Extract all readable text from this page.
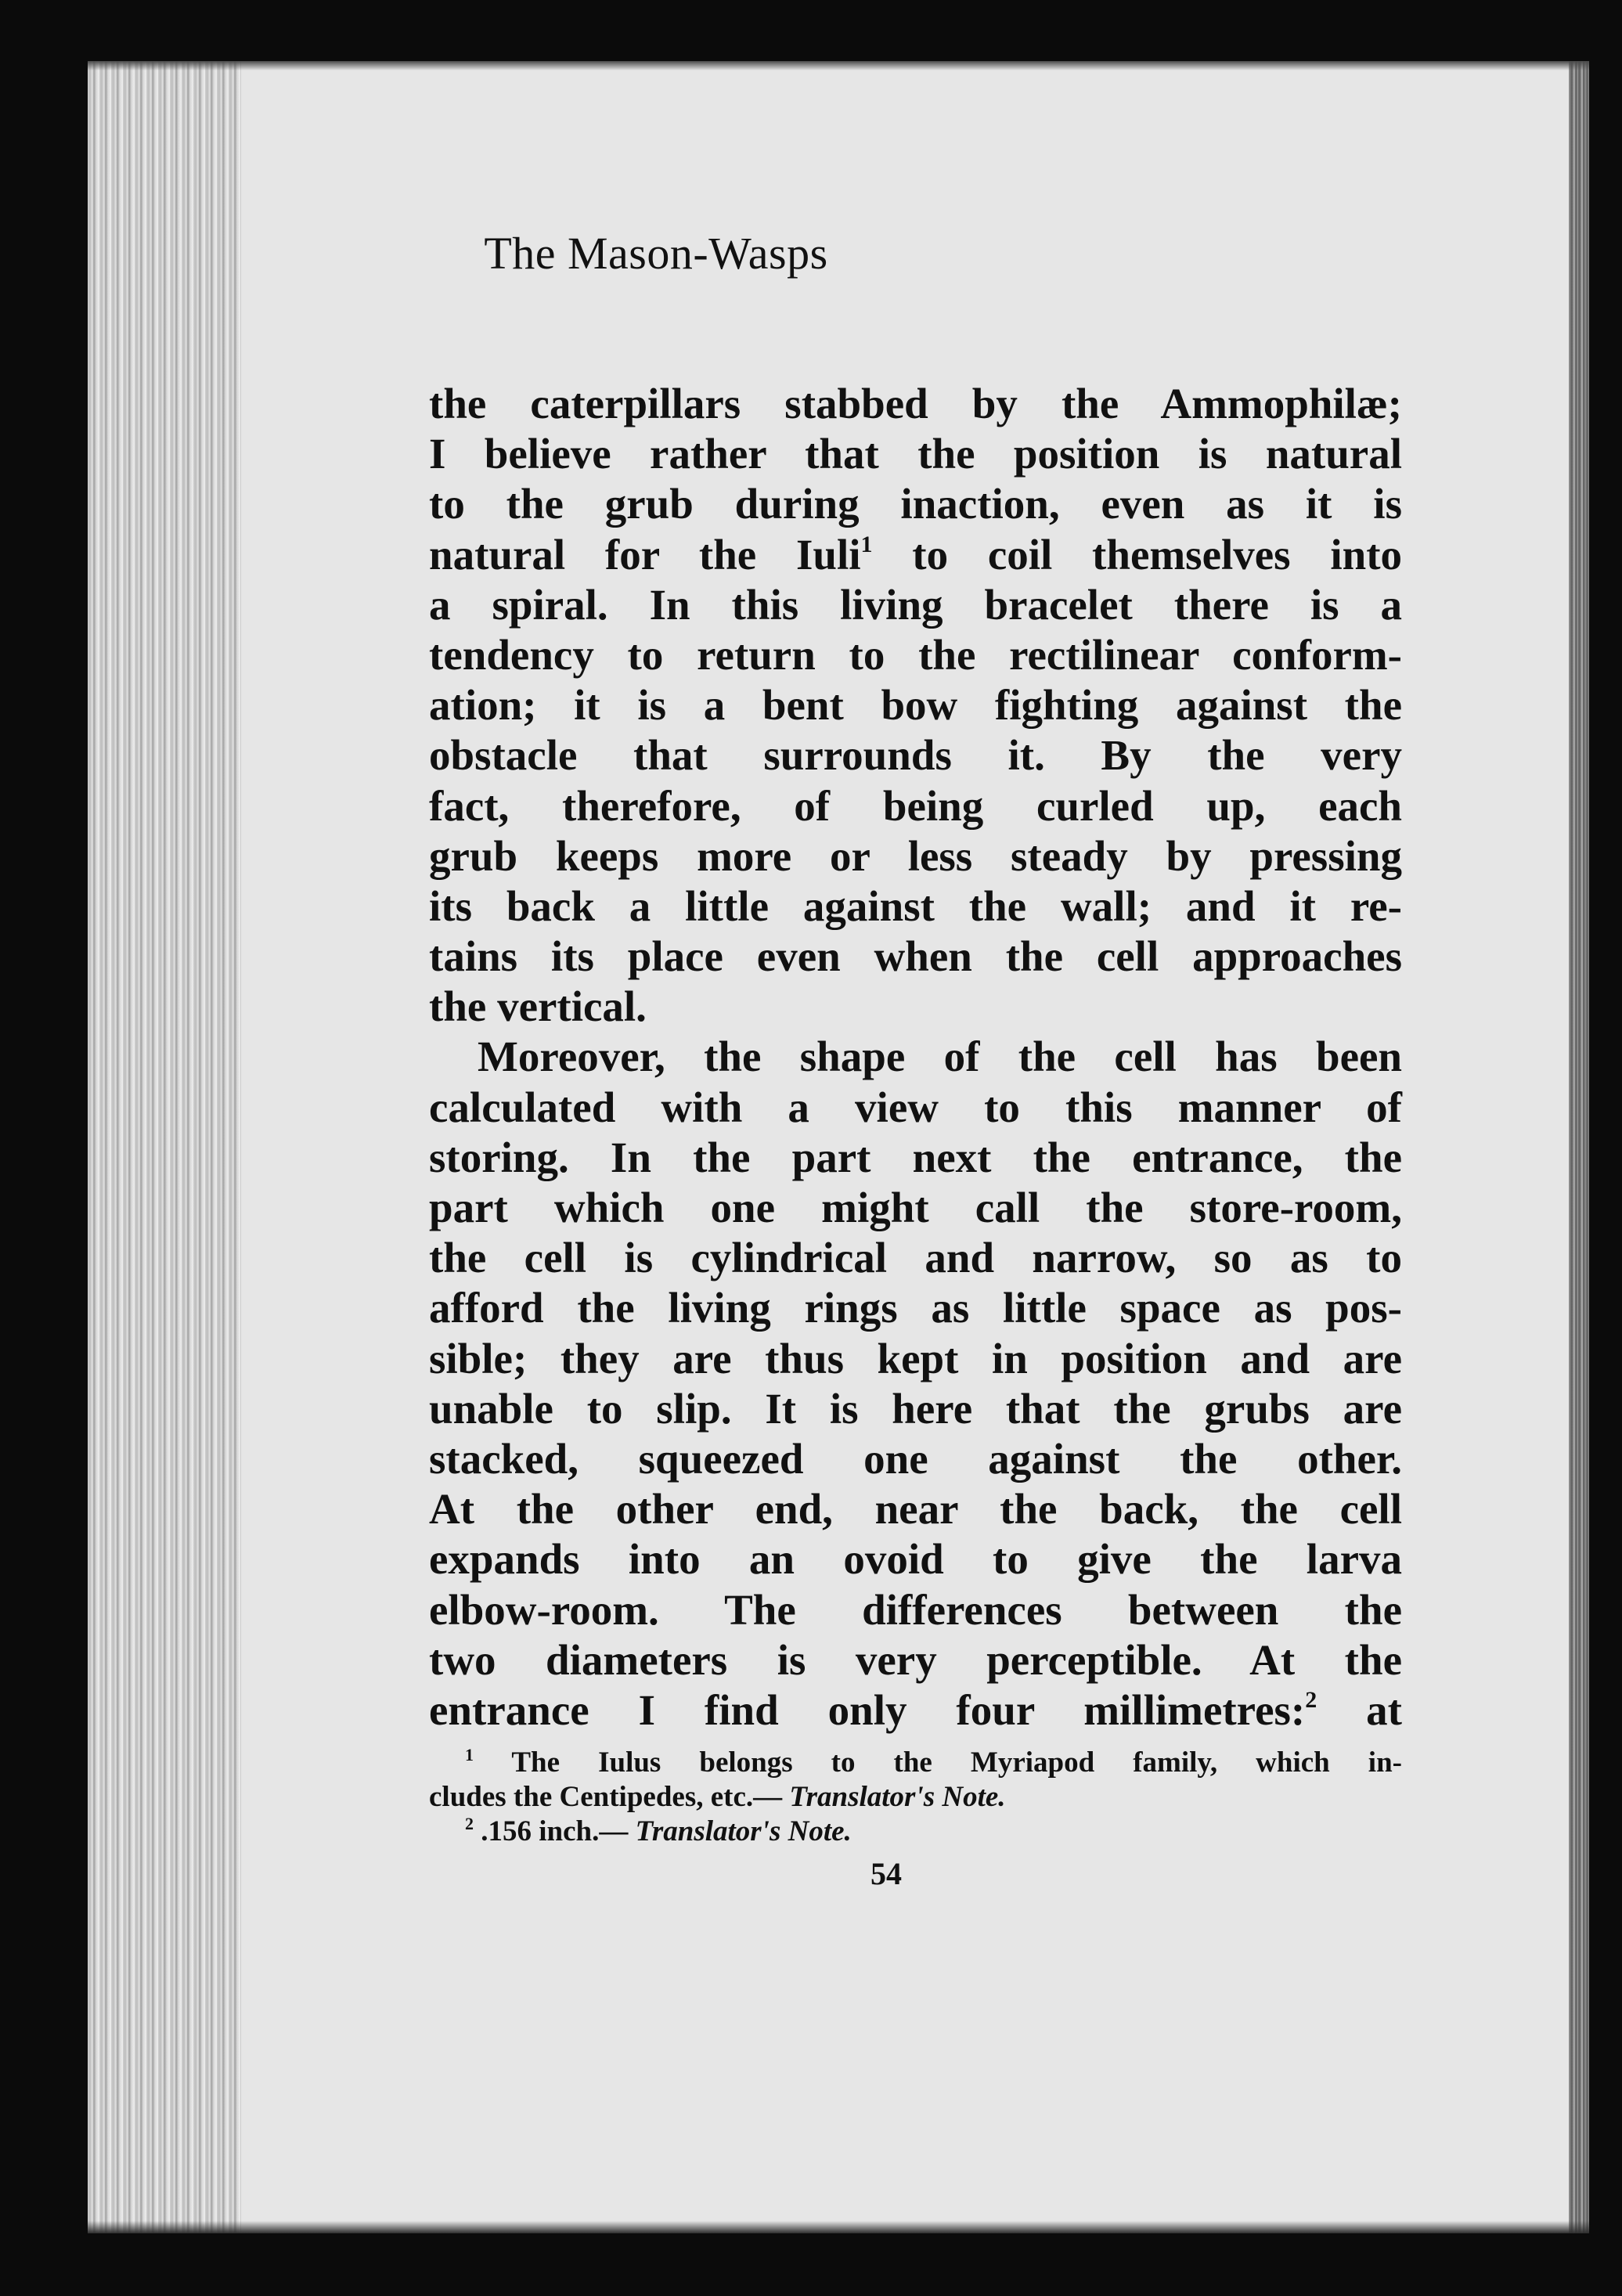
The Mason-Wasps
the caterpillars stabbed by the Ammophilæ;
I believe rather that the position is natural
to the grub during inaction, even as it is
natural for the Iuli$^1$ to coil themselves into
a spiral. In this living bracelet there is a
tendency to return to the rectilinear conform-
ation; it is a bent bow fighting against the
obstacle that surrounds it. By the very
fact, therefore, of being curled up, each
grub keeps more or less steady by pressing
its back a little against the wall; and it re-
tains its place even when the cell approaches
the vertical.
Moreover, the shape of the cell has been
calculated with a view to this manner of
storing. In the part next the entrance, the
part which one might call the store-room,
the cell is cylindrical and narrow, so as to
afford the living rings as little space as pos-
sible; they are thus kept in position and are
unable to slip. It is here that the grubs are
stacked, squeezed one against the other.
At the other end, near the back, the cell
expands into an ovoid to give the larva
elbow-room. The differences between the
two diameters is very perceptible. At the
entrance I find only four millimetres:$^2$ at
$^1$ The Iulus belongs to the Myriapod family, which in-
cludes the Centipedes, etc.— Translator's Note.
$^2$ .156 inch.— Translator's Note.
54
